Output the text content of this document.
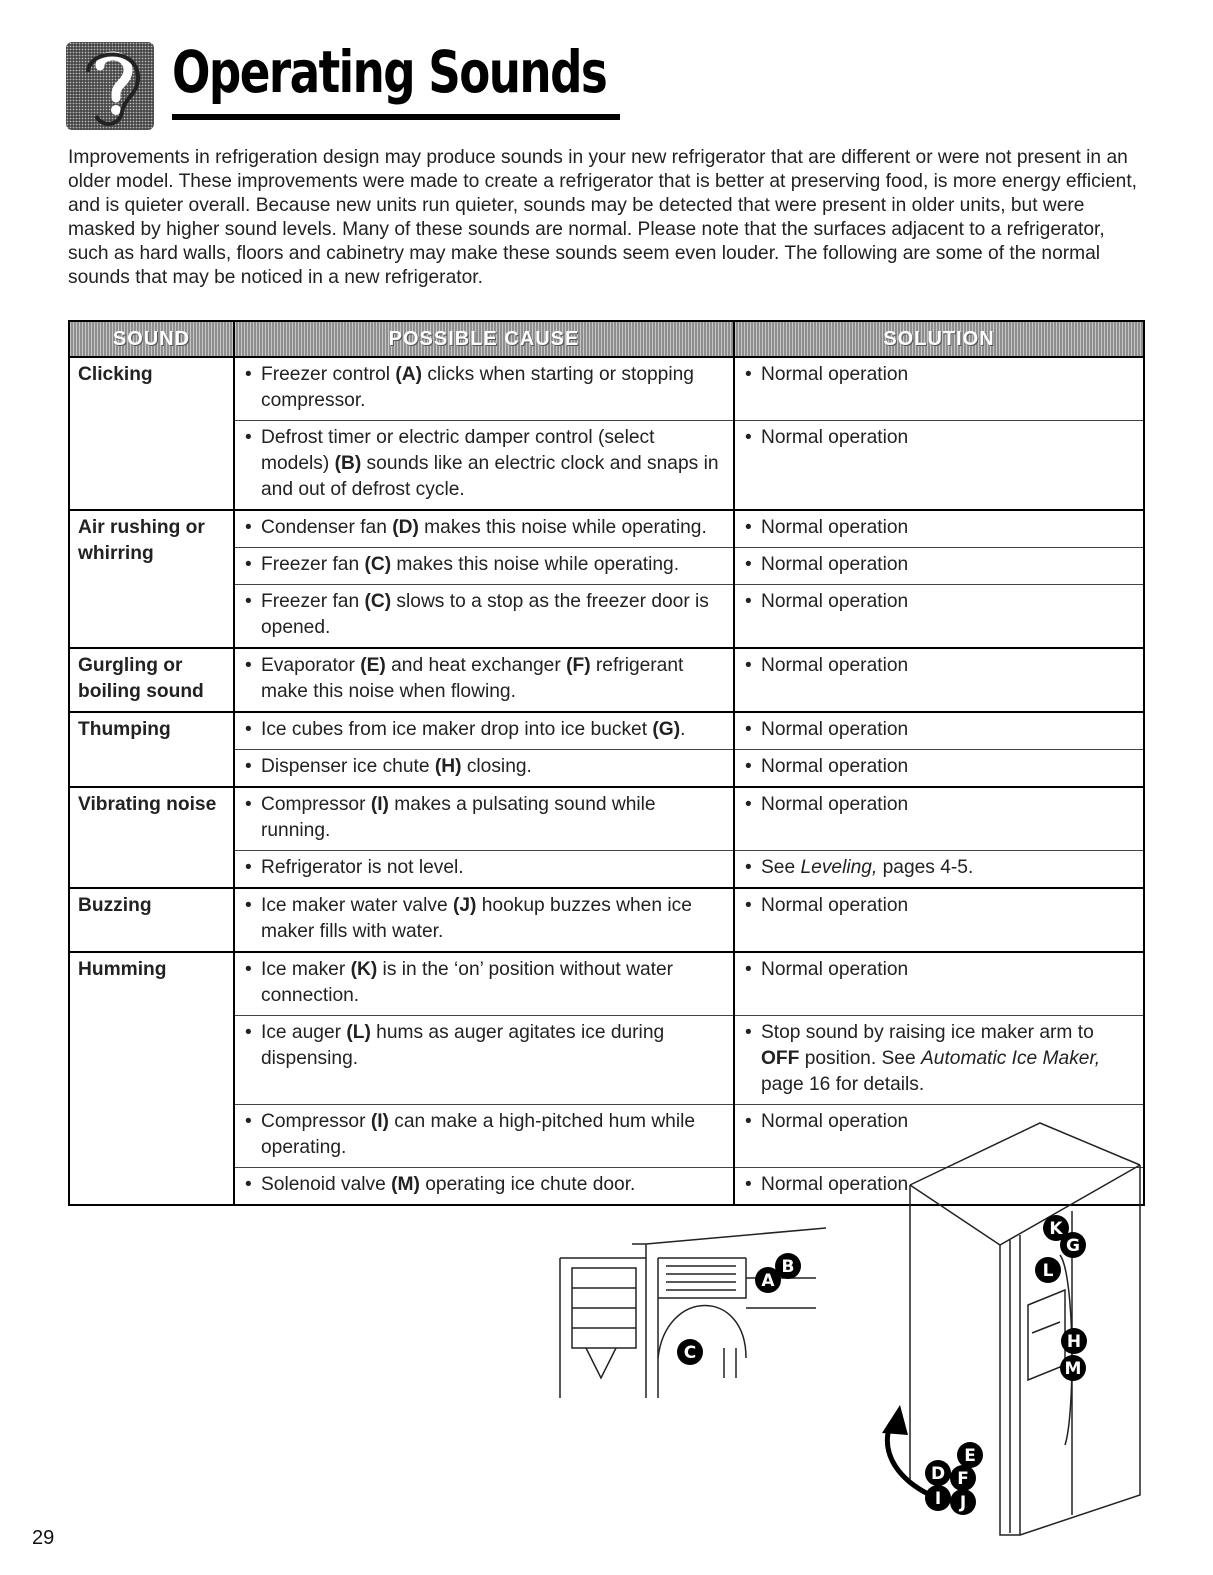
Operating Sounds

Improvements in refrigeration design may produce sounds in your new refrigerator that are different or were not present in an older model. These improvements were made to create a refrigerator that is better at preserving food, is more energy efficient, and is quieter overall. Because new units run quieter, sounds may be detected that were present in older units, but were masked by higher sound levels. Many of these sounds are normal. Please note that the surfaces adjacent to a refrigerator, such as hard walls, floors and cabinetry may make these sounds seem even louder. The following are some of the normal sounds that may be noticed in a new refrigerator.

SOUND	POSSIBLE CAUSE	SOLUTION
Clicking	• Freezer control (A) clicks when starting or stopping compressor.	• Normal operation

	• Defrost timer or electric damper control (select models) (B) sounds like an electric clock and snaps in and out of defrost cycle.	• Normal operation

Air rushing or whirring	• Condenser fan (D) makes this noise while operating.	• Normal operation

	• Freezer fan (C) makes this noise while operating.	• Normal operation

	• Freezer fan (C) slows to a stop as the freezer door is opened.	• Normal operation

Gurgling or boiling sound	• Evaporator (E) and heat exchanger (F) refrigerant make this noise when flowing.	• Normal operation

Thumping	• Ice cubes from ice maker drop into ice bucket (G).	• Normal operation

	• Dispenser ice chute (H) closing.	• Normal operation

Vibrating noise	• Compressor (I) makes a pulsating sound while running.	• Normal operation

	• Refrigerator is not level.	• See Leveling, pages 4-5.

Buzzing	• Ice maker water valve (J) hookup buzzes when ice maker fills with water.	• Normal operation

Humming	• Ice maker (K) is in the ‘on’ position without water connection.	• Normal operation

	• Ice auger (L) hums as auger agitates ice during dispensing.	• Stop sound by raising ice maker arm to OFF position. See Automatic Ice Maker, page 16 for details.

	• Compressor (I) can make a high-pitched hum while operating.	• Normal operation

	• Solenoid valve (M) operating ice chute door.	• Normal operation
A
B
C
K
G
L
H
M
E
D F
I J
29
